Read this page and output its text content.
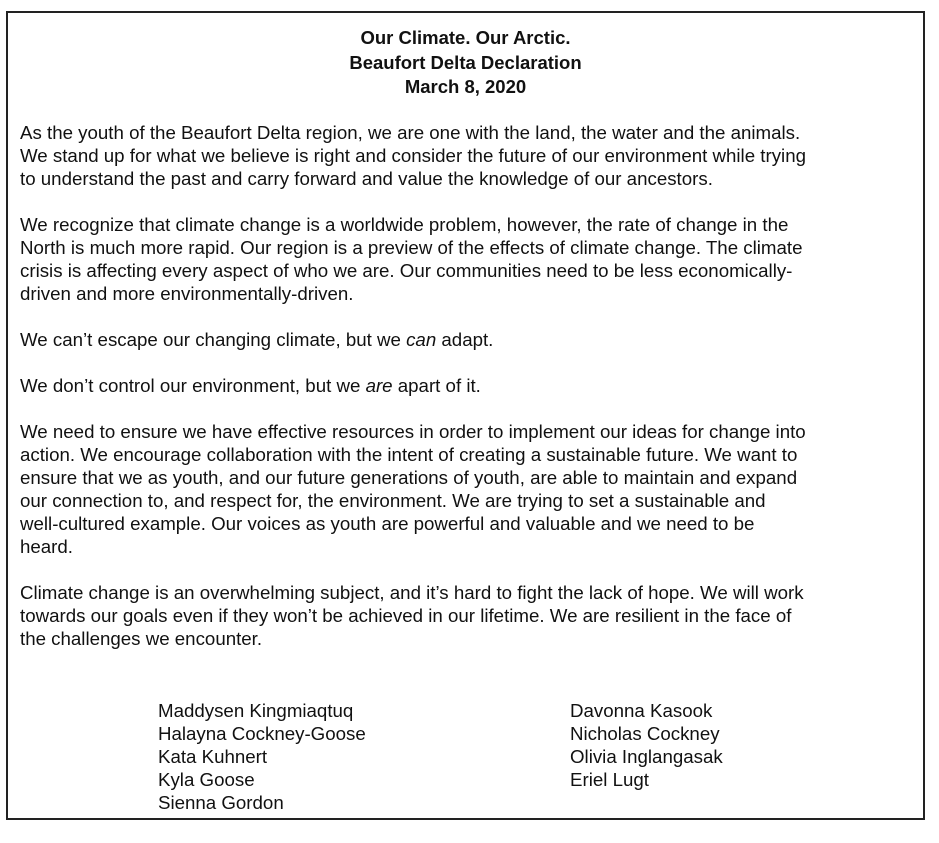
Our Climate. Our Arctic.
Beaufort Delta Declaration
March 8, 2020

As the youth of the Beaufort Delta region, we are one with the land, the water and the animals.
We stand up for what we believe is right and consider the future of our environment while trying
to understand the past and carry forward and value the knowledge of our ancestors.

We recognize that climate change is a worldwide problem, however, the rate of change in the
North is much more rapid. Our region is a preview of the effects of climate change. The climate
crisis is affecting every aspect of who we are. Our communities need to be less economically-
driven and more environmentally-driven.

We can’t escape our changing climate, but we can adapt.

We don’t control our environment, but we are apart of it.

We need to ensure we have effective resources in order to implement our ideas for change into
action. We encourage collaboration with the intent of creating a sustainable future. We want to
ensure that we as youth, and our future generations of youth, are able to maintain and expand
our connection to, and respect for, the environment. We are trying to set a sustainable and
well-cultured example. Our voices as youth are powerful and valuable and we need to be
heard.

Climate change is an overwhelming subject, and it’s hard to fight the lack of hope. We will work
towards our goals even if they won’t be achieved in our lifetime. We are resilient in the face of
the challenges we encounter.

Maddysen Kingmiaqtuq
Halayna Cockney-Goose
Kata Kuhnert
Kyla Goose
Sienna Gordon
Davonna Kasook
Nicholas Cockney
Olivia Inglangasak
Eriel Lugt
